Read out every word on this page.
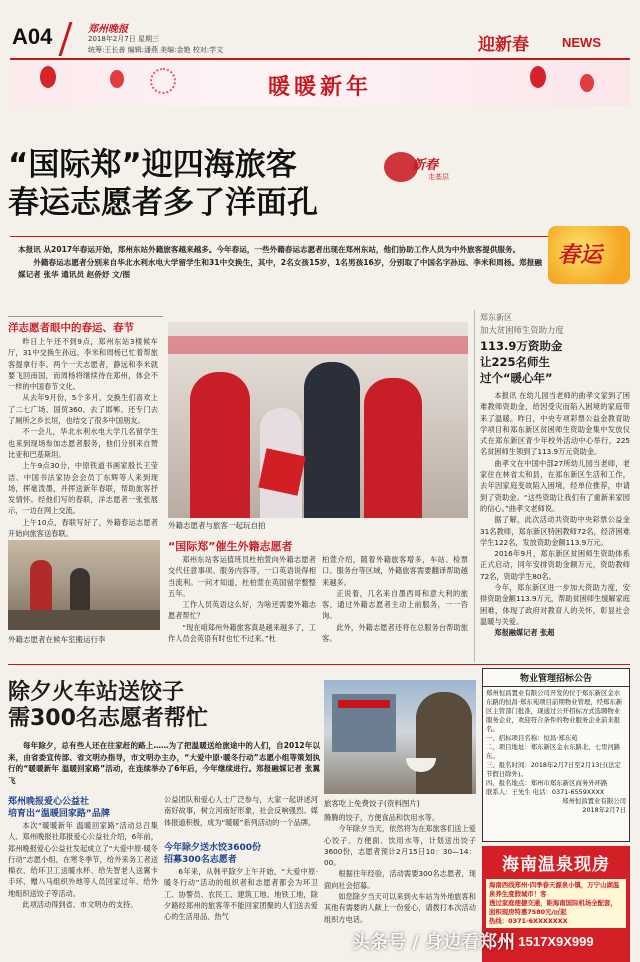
A04	郑州晚报
2018年2月7日 星期三
统筹:王长善 编辑:潘燕 美编:金艳 校对:学文	迎新春	NEWS
暖暖新年
“国际郑”迎四海旅客
春运志愿者多了洋面孔
新春
走基层

本报讯 从2017年春运开始，郑州东站外籍旅客越来越多。今年春运，一些外籍春运志愿者出现在郑州东站，他们协助工作人员为中外旅客提供服务。

外籍春运志愿者分别来自华北水利水电大学留学生和31中交换生，其中，2名女孩15岁，1名男孩16岁，分别取了中国名字孙远、李米和周杨。郑报融媒记者 张华 通讯员 赵侨妤 文/图

春运
洋志愿者眼中的春运、春节

昨日上午还不到9点，郑州东站3楼候车厅，31中交换生孙远、李米和周杨已忙着帮旅客提拿行李。两个一天志愿者，静远和李米就要飞回南国，而周杨将继续待在郑州，体会不一样的中国春节文化。

从去年9月份，5个多月，交换生们喜欢上了二七广场、国贸360、去了邯郸、还专门去了厕所之乡长垣，也结交了很多中国朋友。

不一会儿，华北水利水电大学几名留学生也来到现场参加志愿者服务，他们分别来自赞比亚和巴基斯坦。

上午9点30分，中原铁道书画家殷长王莹洁、中国书法家协会会员丁东辉等人来到现场，挥毫泼墨，并挥送新年春联，帮助旅客抒发情怀。经他们写的春联，洋志愿者一张张展示，一边在网上交流。

上午10点，春联写好了，外籍春运志愿者开始向旅客送春联。

外籍志愿者在候车室搬运行李
外籍志愿者与旅客一起玩自拍
“国际郑”催生外籍志愿者

郑州东站客运值班员杜柏萱向外籍志愿者交代任意事项、服务内容等，一口英语说得相当流利。一问才知道，杜柏萱在英国留学整整五年。

工作人员英语这么好，为啥还需要外籍志愿者帮忙？

“现在咱郑州外籍旅客真是越来越多了，工作人员会英语有时也忙不过来。”杜

柏萱介绍，随着外籍旅客增多，车站、检票口、服务台等区域，外籍旅客需要翻译帮助越来越多。

正说着，几名来自墨西哥和意大利的旅客，通过外籍志愿者主动上前服务，一一咨询。

此外，外籍志愿者还将在总服务台帮助旅客。

郑东新区
加大贫困师生资助力度
113.9万资助金
让225名师生
过个“暖心年”

本报讯 在幼儿园当老师的曲孝文家到了困难教师资助金，给因受灾而陷入困境的家庭带来了温暖。昨日，中央专项彩票公益金教育助学项目和郑东新区贫困师生资助金集中发放仪式在郑东新区青少年校外活动中心举行，225名贫困师生领到了113.9万元资助金。

曲孝文在中国中部27所幼儿园当老师，老家住在林省太和县，在郑东新区生活和工作，去年因家庭变故陷入困境，经单位推荐，申请到了资助金。“这些资助让我们有了重新来家园的信心。”曲孝文老师说。

据了解，此次活动共资助中央彩票公益金31名教师，郑东新区特困教师72名，经济困难学生122名，发放资助金额113.9万元。

2016年9月，郑东新区贫困师生资助体系正式启动，同年安排资助金额万元，资助教师72名，资助学生80名。

今年，郑东新区进一步加大资助力度，安排资助金额113.9万元，帮助贫困师生缓解家庭困难，体现了政府对教育人的关怀，彰显社会温暖与关爱。

郑报融媒记者 张超

除夕火车站送饺子
需300名志愿者帮忙
旅客吃上免费饺子(资料图片)
每年除夕，总有些人还在往家赶的路上……为了把温暖送给旅途中的人们，自2012年以来，由省委宣传部、省文明办指导，市文明办主办，“大爱中原·暖冬行动”志愿小组等策划执行的“暖暖新年 温暖回家路”活动，在连续举办了6年后，今年继续进行。郑报融媒记者 张翼飞
郑州晚报爱心公益社
培育出“温暖回家路”品牌

本次“暖暖新年 温暖回家路”活动总召集人、郑州晚报社郑报爱心公益社介绍，6年前，郑州晚报爱心公益社发起成立了“大爱中原·暖冬行动”志愿小组，在寒冬季节，给外来务工者送棉衣、给环卫工送暖水杯、给失智老人送翼卡手环、赠八马组织外地等人员回家过年、给外地组织送饺子等活动。

此项活动得到省、市文明办的支持。

公益团队和爱心人士广泛参与，大家一起讲述河南好故事，树立河南好形象，社会反响强烈。媒体报道积极，成为“暖暖”系列活动的一个品牌。

今年除夕送水饺3600份
招募300名志愿者

6年来，从韩平除夕上午开始，“大爱中原·暖冬行动”活动的组织者和志愿者都会为环卫工、协警员、农民工、建筑工地、地铁工地，除夕路经郑州的旅客等不能回家团聚的人们送去爱心的生活用品、热气

腾腾的饺子，方便食品和饮用水等。

今年除夕当天，依然将为在郑旅客们送上爱心饺子、方便面、饮用水等，计划送出饺子3600份，志愿者预计2月15日10：30—14：00。

根据往年经验，活动需要300名志愿者，现面向社会招募。

如您除夕当天可以来到火车站为外地旅客和其他有需要的人献上一份爱心，请拨打本次活动组织方电话。

物业管理招标公告
郑州恒昌置业有限公司开发的位于郑东新区金水东路的恒昌·郑东苑项目前期物业管理，经郑东新区主管部门批准，现通过公开招标方式选聘物业服务企业，欢迎符合条件的物业服务企业前来报名。
一、招标项目名称：恒昌·郑东苑
二、项目地址：郑东新区金水东路北、七里河路东。
三、报名时间：2018年2月7日至2月13日(法定节假日除外)。
四、报名地点：郑州市郑东新区商务外环路
联系人：王先生 电话：0371-6559XXXX
郑州恒昌置业有限公司
2018年2月7日
海南温泉现房
海南西线郑州·四季春天源泉小镇，万宁山湖温泉养生度假城市！客
透过家庭便捷交通，距海南国际机场全配套，面积现房特惠7580元/㎡起
热线：0371-6XXXXXXX
1517X9X999
头条号 / 身边看郑州
